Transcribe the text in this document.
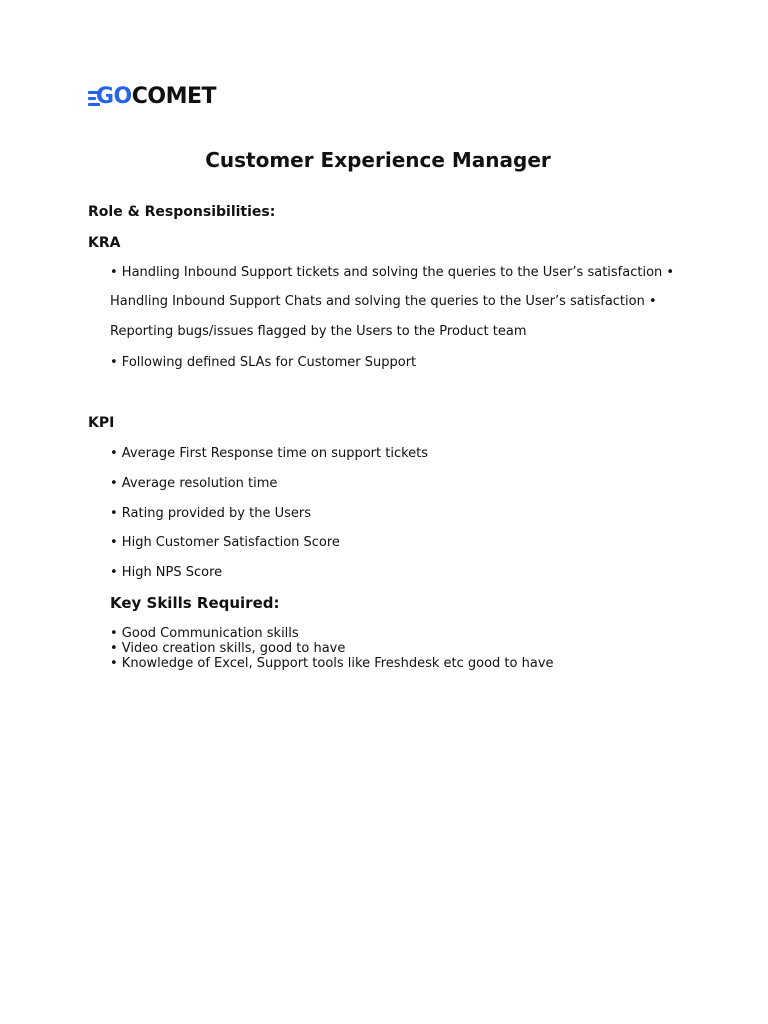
GOCOMET
Customer Experience Manager
Role & Responsibilities:
KRA
• Handling Inbound Support tickets and solving the queries to the User’s satisfaction •
Handling Inbound Support Chats and solving the queries to the User’s satisfaction •
Reporting bugs/issues flagged by the Users to the Product team
• Following defined SLAs for Customer Support
KPI
• Average First Response time on support tickets
• Average resolution time
• Rating provided by the Users
• High Customer Satisfaction Score
• High NPS Score
Key Skills Required:
• Good Communication skills
• Video creation skills, good to have
• Knowledge of Excel, Support tools like Freshdesk etc good to have
